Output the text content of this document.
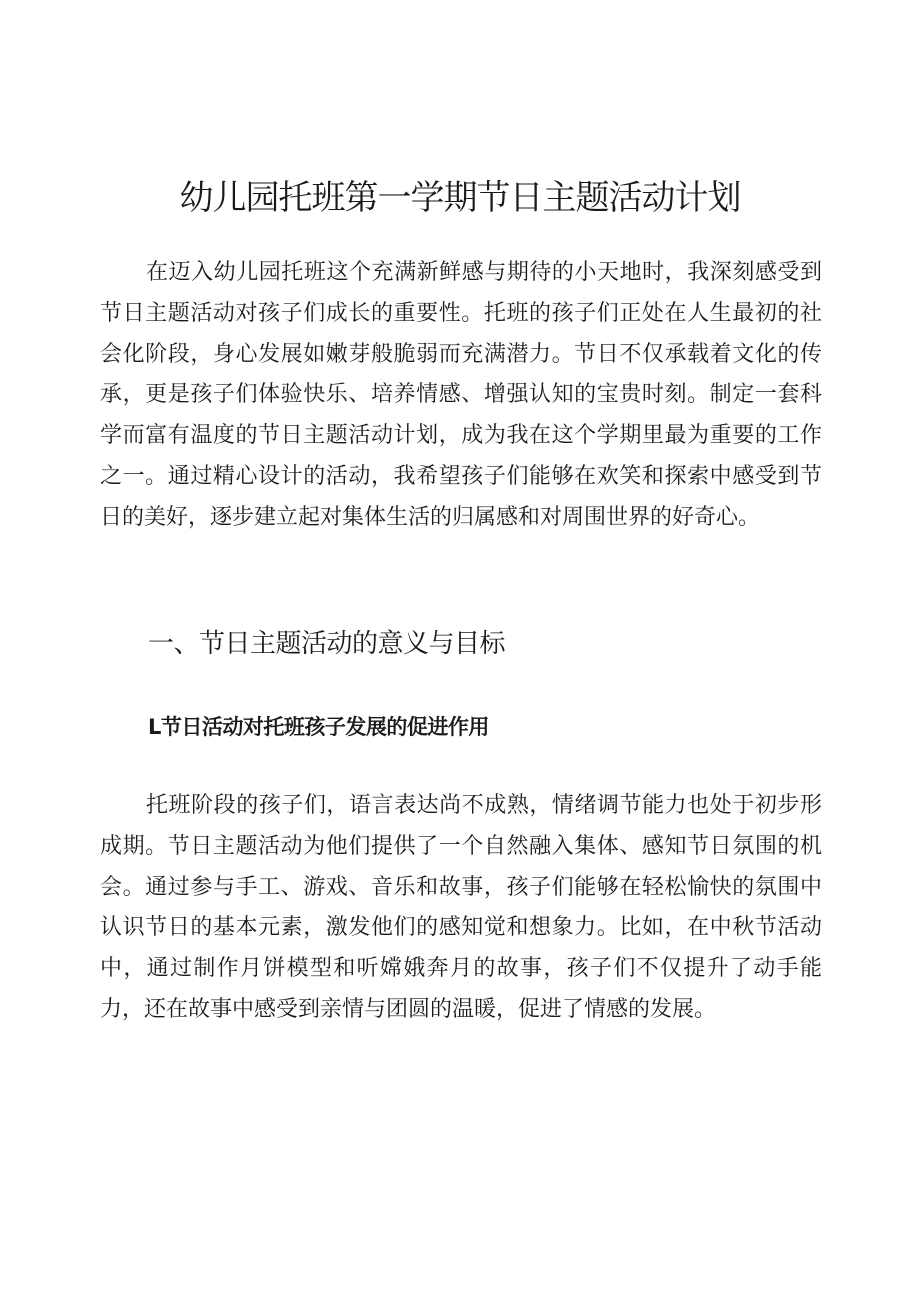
幼儿园托班第一学期节日主题活动计划

在迈入幼儿园托班这个充满新鲜感与期待的小天地时，我深刻感受到节日主题活动对孩子们成长的重要性。托班的孩子们正处在人生最初的社会化阶段，身心发展如嫩芽般脆弱而充满潜力。节日不仅承载着文化的传承，更是孩子们体验快乐、培养情感、增强认知的宝贵时刻。制定一套科学而富有温度的节日主题活动计划，成为我在这个学期里最为重要的工作之一。通过精心设计的活动，我希望孩子们能够在欢笑和探索中感受到节日的美好，逐步建立起对集体生活的归属感和对周围世界的好奇心。

一、节日主题活动的意义与目标
L节日活动对托班孩子发展的促进作用

托班阶段的孩子们，语言表达尚不成熟，情绪调节能力也处于初步形成期。节日主题活动为他们提供了一个自然融入集体、感知节日氛围的机会。通过参与手工、游戏、音乐和故事，孩子们能够在轻松愉快的氛围中认识节日的基本元素，激发他们的感知觉和想象力。比如，在中秋节活动中，通过制作月饼模型和听嫦娥奔月的故事，孩子们不仅提升了动手能力，还在故事中感受到亲情与团圆的温暖，促进了情感的发展。
